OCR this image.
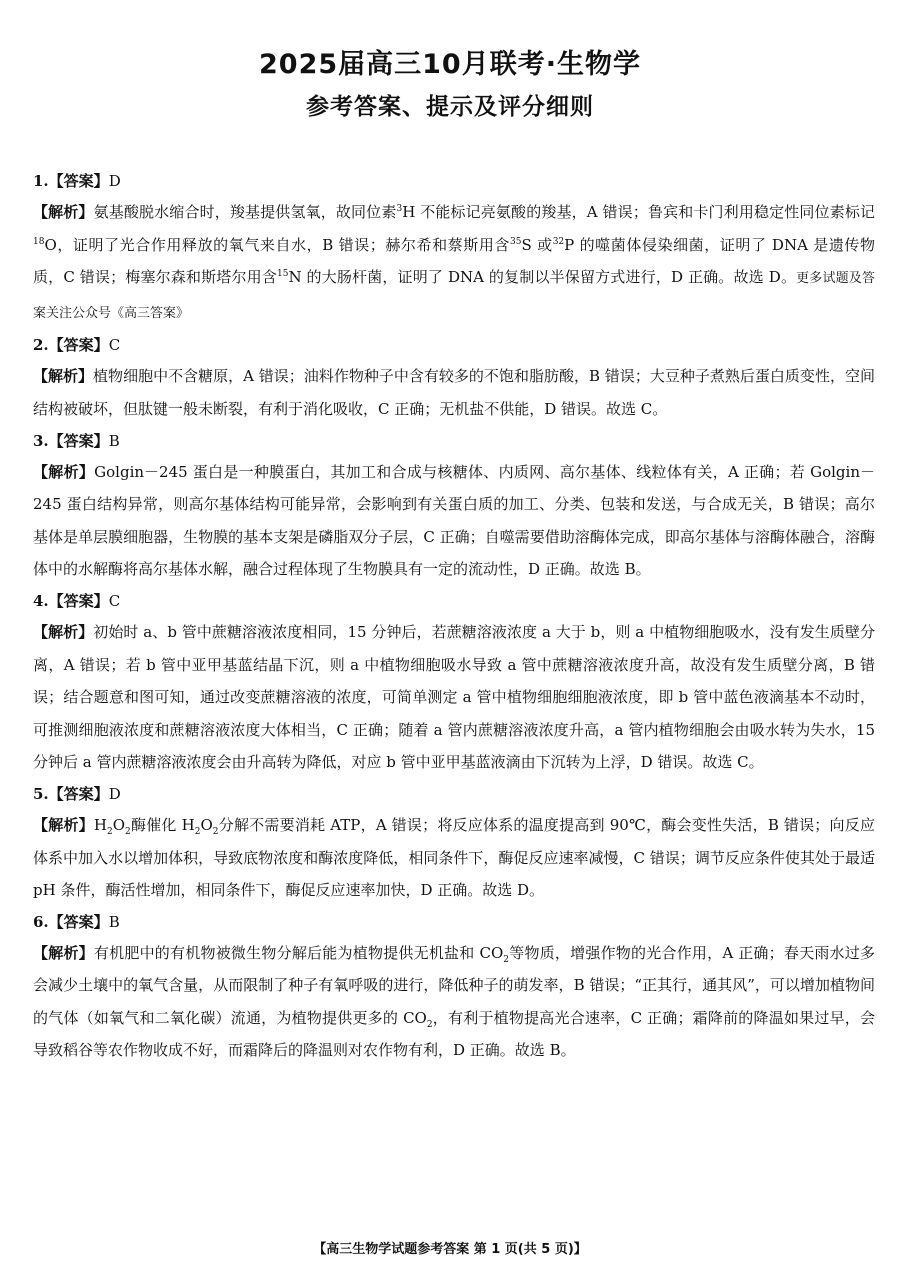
2025届高三10月联考·生物学
参考答案、提示及评分细则
1.【答案】D
【解析】氨基酸脱水缩合时，羧基提供氢氧，故同位素$^3$H 不能标记亮氨酸的羧基，A 错误；鲁宾和卡门利用稳定性同位素标记$^{18}$O，证明了光合作用释放的氧气来自水，B 错误；赫尔希和蔡斯用含$^{35}$S 或$^{32}$P 的噬菌体侵染细菌，证明了 DNA 是遗传物质，C 错误；梅塞尔森和斯塔尔用含$^{15}$N 的大肠杆菌，证明了 DNA 的复制以半保留方式进行，D 正确。故选 D。更多试题及答案关注公众号《高三答案》
2.【答案】C
【解析】植物细胞中不含糖原，A 错误；油料作物种子中含有较多的不饱和脂肪酸，B 错误；大豆种子煮熟后蛋白质变性，空间结构被破坏，但肽键一般未断裂，有利于消化吸收，C 正确；无机盐不供能，D 错误。故选 C。
3.【答案】B
【解析】Golgin－245 蛋白是一种膜蛋白，其加工和合成与核糖体、内质网、高尔基体、线粒体有关，A 正确；若 Golgin－245 蛋白结构异常，则高尔基体结构可能异常，会影响到有关蛋白质的加工、分类、包装和发送，与合成无关，B 错误；高尔基体是单层膜细胞器，生物膜的基本支架是磷脂双分子层，C 正确；自噬需要借助溶酶体完成，即高尔基体与溶酶体融合，溶酶体中的水解酶将高尔基体水解，融合过程体现了生物膜具有一定的流动性，D 正确。故选 B。
4.【答案】C
【解析】初始时 a、b 管中蔗糖溶液浓度相同，15 分钟后，若蔗糖溶液浓度 a 大于 b，则 a 中植物细胞吸水，没有发生质壁分离，A 错误；若 b 管中亚甲基蓝结晶下沉，则 a 中植物细胞吸水导致 a 管中蔗糖溶液浓度升高，故没有发生质壁分离，B 错误；结合题意和图可知，通过改变蔗糖溶液的浓度，可简单测定 a 管中植物细胞细胞液浓度，即 b 管中蓝色液滴基本不动时，可推测细胞液浓度和蔗糖溶液浓度大体相当，C 正确；随着 a 管内蔗糖溶液浓度升高，a 管内植物细胞会由吸水转为失水，15 分钟后 a 管内蔗糖溶液浓度会由升高转为降低，对应 b 管中亚甲基蓝液滴由下沉转为上浮，D 错误。故选 C。
5.【答案】D
【解析】$H_2O_2$酶催化 $H_2O_2$分解不需要消耗 ATP，A 错误；将反应体系的温度提高到 90℃，酶会变性失活，B 错误；向反应体系中加入水以增加体积，导致底物浓度和酶浓度降低，相同条件下，酶促反应速率减慢，C 错误；调节反应条件使其处于最适 pH 条件，酶活性增加，相同条件下，酶促反应速率加快，D 正确。故选 D。
6.【答案】B
【解析】有机肥中的有机物被微生物分解后能为植物提供无机盐和 $CO_2$等物质，增强作物的光合作用，A 正确；春天雨水过多会减少土壤中的氧气含量，从而限制了种子有氧呼吸的进行，降低种子的萌发率，B 错误；“正其行，通其风”，可以增加植物间的气体（如氧气和二氧化碳）流通，为植物提供更多的 $CO_2$，有利于植物提高光合速率，C 正确；霜降前的降温如果过早，会导致稻谷等农作物收成不好，而霜降后的降温则对农作物有利，D 正确。故选 B。
【高三生物学试题参考答案 第 1 页(共 5 页)】
